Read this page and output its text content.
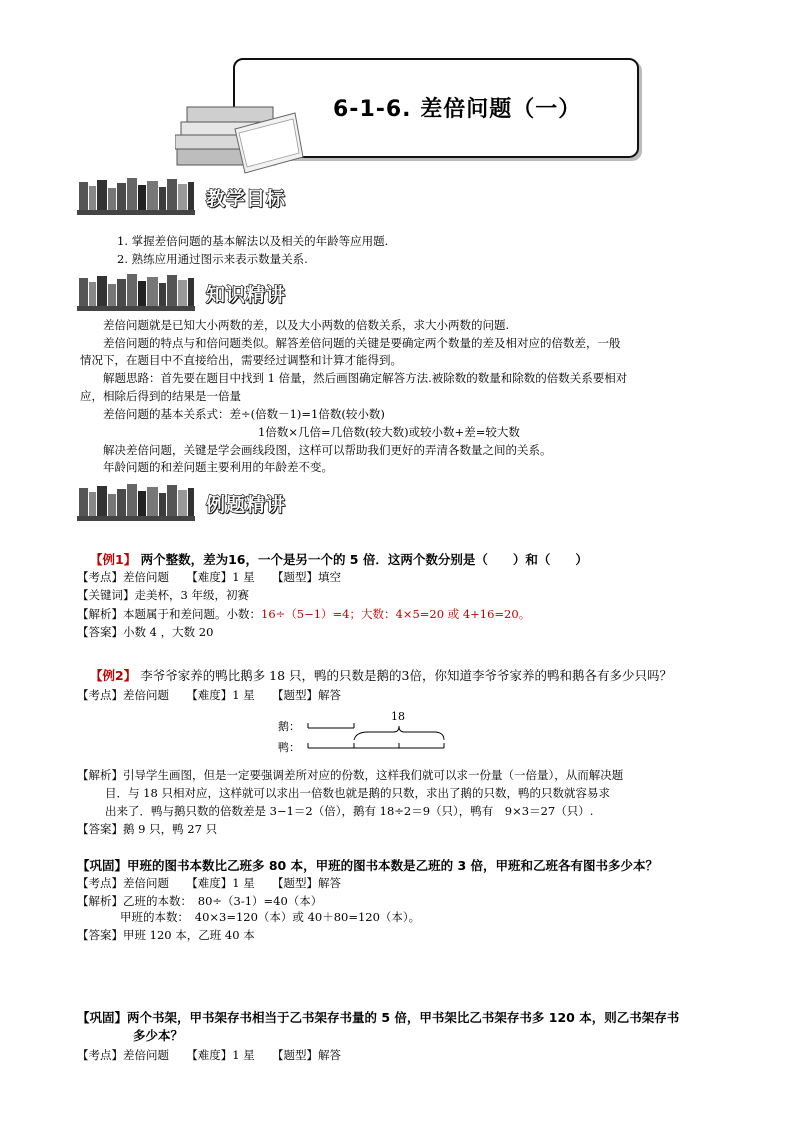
6-1-6. 差倍问题（一）
教学目标
知识精讲
例题精讲
1. 掌握差倍问题的基本解法以及相关的年龄等应用题.
2. 熟练应用通过图示来表示数量关系.
差倍问题就是已知大小两数的差，以及大小两数的倍数关系，求大小两数的问题.
差倍问题的特点与和倍问题类似。解答差倍问题的关键是要确定两个数量的差及相对应的倍数差，一般
情况下，在题目中不直接给出，需要经过调整和计算才能得到。
解题思路：首先要在题目中找到 1 倍量，然后画图确定解答方法.被除数的数量和除数的倍数关系要相对
应，相除后得到的结果是一倍量
差倍问题的基本关系式：差÷(倍数－1)=1倍数(较小数)
1倍数×几倍=几倍数(较大数)或较小数+差=较大数
解决差倍问题，关键是学会画线段图，这样可以帮助我们更好的弄清各数量之间的关系。
年龄问题的和差问题主要利用的年龄差不变。
【例1】 两个整数，差为16，一个是另一个的 5 倍．这两个数分别是（　　）和（　　）
【考点】差倍问题　　【难度】1 星　　【题型】填空
【关键词】走美杯，3 年级，初赛
【解析】本题属于和差问题。小数：16÷（5−1）=4；大数：4×5=20 或 4+16=20。
【答案】小数 4 ，大数 20
【例2】 李爷爷家养的鸭比鹅多 18 只，鸭的只数是鹅的3倍，你知道李爷爷家养的鸭和鹅各有多少只吗？
【考点】差倍问题　　【难度】1 星　　【题型】解答
鹅：
鸭：
18
【解析】引导学生画图，但是一定要强调差所对应的份数，这样我们就可以求一份量（一倍量），从而解决题
目．与 18 只相对应，这样就可以求出一倍数也就是鹅的只数，求出了鹅的只数，鸭的只数就容易求
出来了．鸭与鹅只数的倍数差是 3−1＝2（倍），鹅有 18÷2＝9（只），鸭有　9×3＝27（只）.
【答案】鹅 9 只，鸭 27 只
【巩固】甲班的图书本数比乙班多 80 本，甲班的图书本数是乙班的 3 倍，甲班和乙班各有图书多少本？
【考点】差倍问题　　【难度】1 星　　【题型】解答
【解析】乙班的本数：　80÷（3-1）=40（本）
甲班的本数：　40×3=120（本）或 40＋80=120（本）。
【答案】甲班 120 本，乙班 40 本
【巩固】两个书架，甲书架存书相当于乙书架存书量的 5 倍，甲书架比乙书架存书多 120 本，则乙书架存书
多少本？
【考点】差倍问题　　【难度】1 星　　【题型】解答
